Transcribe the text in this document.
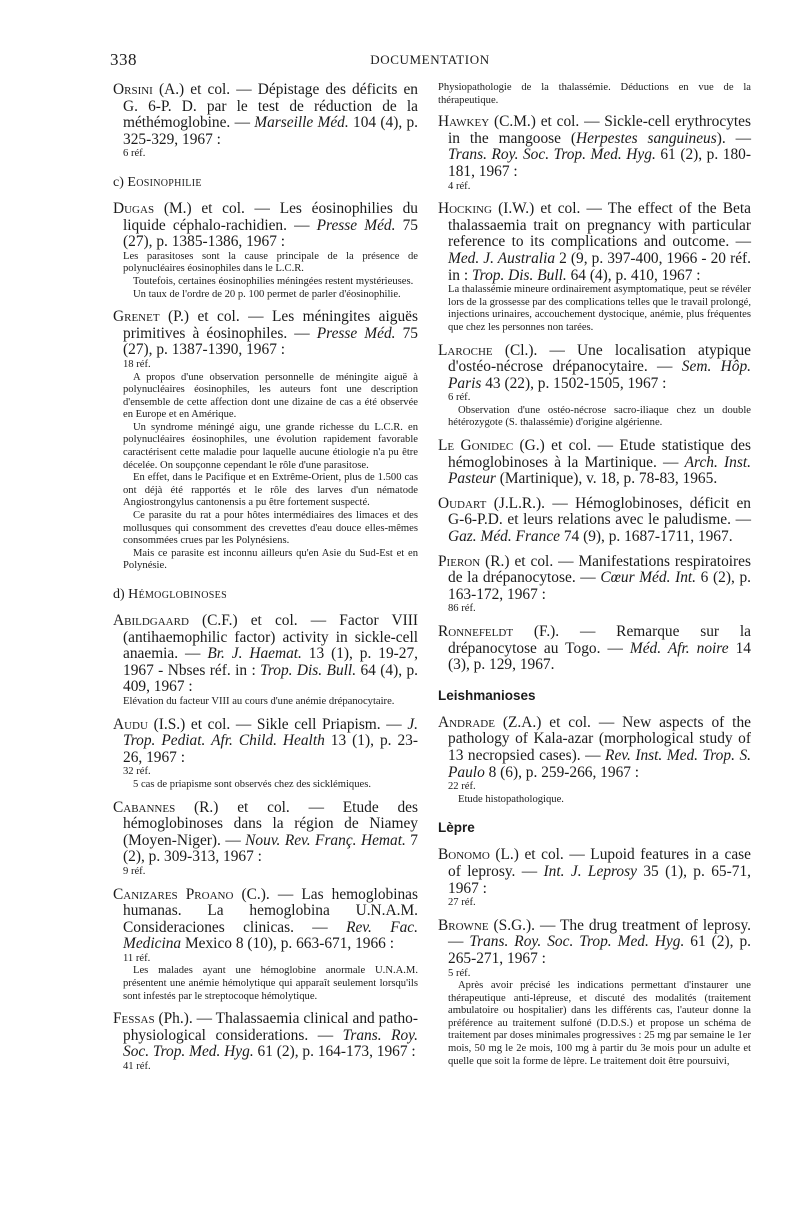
338	DOCUMENTATION
Orsini (A.) et col. — Dépistage des déficits en G. 6-P. D. par le test de réduction de la méthémoglobine. — Marseille Méd. 104 (4), p. 325-329, 1967 :
6 réf.
c) Eosinophilie
Dugas (M.) et col. — Les éosinophilies du liquide céphalo-rachidien. — Presse Méd. 75 (27), p. 1385-1386, 1967 :
Les parasitoses sont la cause principale de la présence de polynucléaires éosinophiles dans le L.C.R.
Toutefois, certaines éosinophilies méningées restent mystérieuses.
Un taux de l'ordre de 20 p. 100 permet de parler d'éosinophilie.
Grenet (P.) et col. — Les méningites aiguës primitives à éosinophiles. — Presse Méd. 75 (27), p. 1387-1390, 1967 :
18 réf.
A propos d'une observation personnelle de méningite aiguë à polynucléaires éosinophiles, les auteurs font une description d'ensemble de cette affection dont une dizaine de cas a été observée en Europe et en Amérique.
Un syndrome méningé aigu, une grande richesse du L.C.R. en polynucléaires éosinophiles, une évolution rapidement favorable caractérisent cette maladie pour laquelle aucune étiologie n'a pu être décelée. On soupçonne cependant le rôle d'une parasitose.
En effet, dans le Pacifique et en Extrême-Orient, plus de 1.500 cas ont déjà été rapportés et le rôle des larves d'un nématode Angiostrongylus cantonensis a pu être fortement suspecté.
Ce parasite du rat a pour hôtes intermédiaires des limaces et des mollusques qui consomment des crevettes d'eau douce elles-mêmes consommées crues par les Polynésiens.
Mais ce parasite est inconnu ailleurs qu'en Asie du Sud-Est et en Polynésie.
d) Hémoglobinoses
Abildgaard (C.F.) et col. — Factor VIII (antihaemophilic factor) activity in sickle-cell anaemia. — Br. J. Haemat. 13 (1), p. 19-27, 1967 - Nbses réf. in : Trop. Dis. Bull. 64 (4), p. 409, 1967 :
Elévation du facteur VIII au cours d'une anémie drépanocytaire.
Audu (I.S.) et col. — Sikle cell Priapism. — J. Trop. Pediat. Afr. Child. Health 13 (1), p. 23-26, 1967 :
32 réf.
5 cas de priapisme sont observés chez des sicklémiques.
Cabannes (R.) et col. — Etude des hémoglobinoses dans la région de Niamey (Moyen-Niger). — Nouv. Rev. Franç. Hemat. 7 (2), p. 309-313, 1967 :
9 réf.
Canizares Proano (C.). — Las hemoglobinas humanas. La hemoglobina U.N.A.M. Consideraciones clinicas. — Rev. Fac. Medicina Mexico 8 (10), p. 663-671, 1966 :
11 réf.
Les malades ayant une hémoglobine anormale U.N.A.M. présentent une anémie hémolytique qui apparaît seulement lorsqu'ils sont infestés par le streptocoque hémolytique.
Fessas (Ph.). — Thalassaemia clinical and patho-physiological considerations. — Trans. Roy. Soc. Trop. Med. Hyg. 61 (2), p. 164-173, 1967 :
41 réf.
Physiopathologie de la thalassémie. Déductions en vue de la thérapeutique.
Hawkey (C.M.) et col. — Sickle-cell erythrocytes in the mangoose (Herpestes sanguineus). — Trans. Roy. Soc. Trop. Med. Hyg. 61 (2), p. 180-181, 1967 :
4 réf.
Hocking (I.W.) et col. — The effect of the Beta thalassaemia trait on pregnancy with particular reference to its complications and outcome. — Med. J. Australia 2 (9, p. 397-400, 1966 - 20 réf. in : Trop. Dis. Bull. 64 (4), p. 410, 1967 :
La thalassémie mineure ordinairement asymptomatique, peut se révéler lors de la grossesse par des complications telles que le travail prolongé, injections urinaires, accouchement dystocique, anémie, plus fréquentes que chez les personnes non tarées.
Laroche (Cl.). — Une localisation atypique d'ostéo-nécrose drépanocytaire. — Sem. Hôp. Paris 43 (22), p. 1502-1505, 1967 :
6 réf.
Observation d'une ostéo-nécrose sacro-iliaque chez un double hétérozygote (S. thalassémie) d'origine algérienne.
Le Gonidec (G.) et col. — Etude statistique des hémoglobinoses à la Martinique. — Arch. Inst. Pasteur (Martinique), v. 18, p. 78-83, 1965.
Oudart (J.L.R.). — Hémoglobinoses, déficit en G-6-P.D. et leurs relations avec le paludisme. — Gaz. Méd. France 74 (9), p. 1687-1711, 1967.
Pieron (R.) et col. — Manifestations respiratoires de la drépanocytose. — Cœur Méd. Int. 6 (2), p. 163-172, 1967 :
86 réf.
Ronnefeldt (F.). — Remarque sur la drépanocytose au Togo. — Méd. Afr. noire 14 (3), p. 129, 1967.
Leishmanioses
Andrade (Z.A.) et col. — New aspects of the pathology of Kala-azar (morphological study of 13 necropsied cases). — Rev. Inst. Med. Trop. S. Paulo 8 (6), p. 259-266, 1967 :
22 réf.
Etude histopathologique.
Lèpre
Bonomo (L.) et col. — Lupoid features in a case of leprosy. — Int. J. Leprosy 35 (1), p. 65-71, 1967 :
27 réf.
Browne (S.G.). — The drug treatment of leprosy. — Trans. Roy. Soc. Trop. Med. Hyg. 61 (2), p. 265-271, 1967 :
5 réf.
Après avoir précisé les indications permettant d'instaurer une thérapeutique anti-lépreuse, et discuté des modalités (traitement ambulatoire ou hospitalier) dans les différents cas, l'auteur donne la préférence au traitement sulfoné (D.D.S.) et propose un schéma de traitement par doses minimales progressives : 25 mg par semaine le 1er mois, 50 mg le 2e mois, 100 mg à partir du 3e mois pour un adulte et quelle que soit la forme de lèpre. Le traitement doit être poursuivi,
